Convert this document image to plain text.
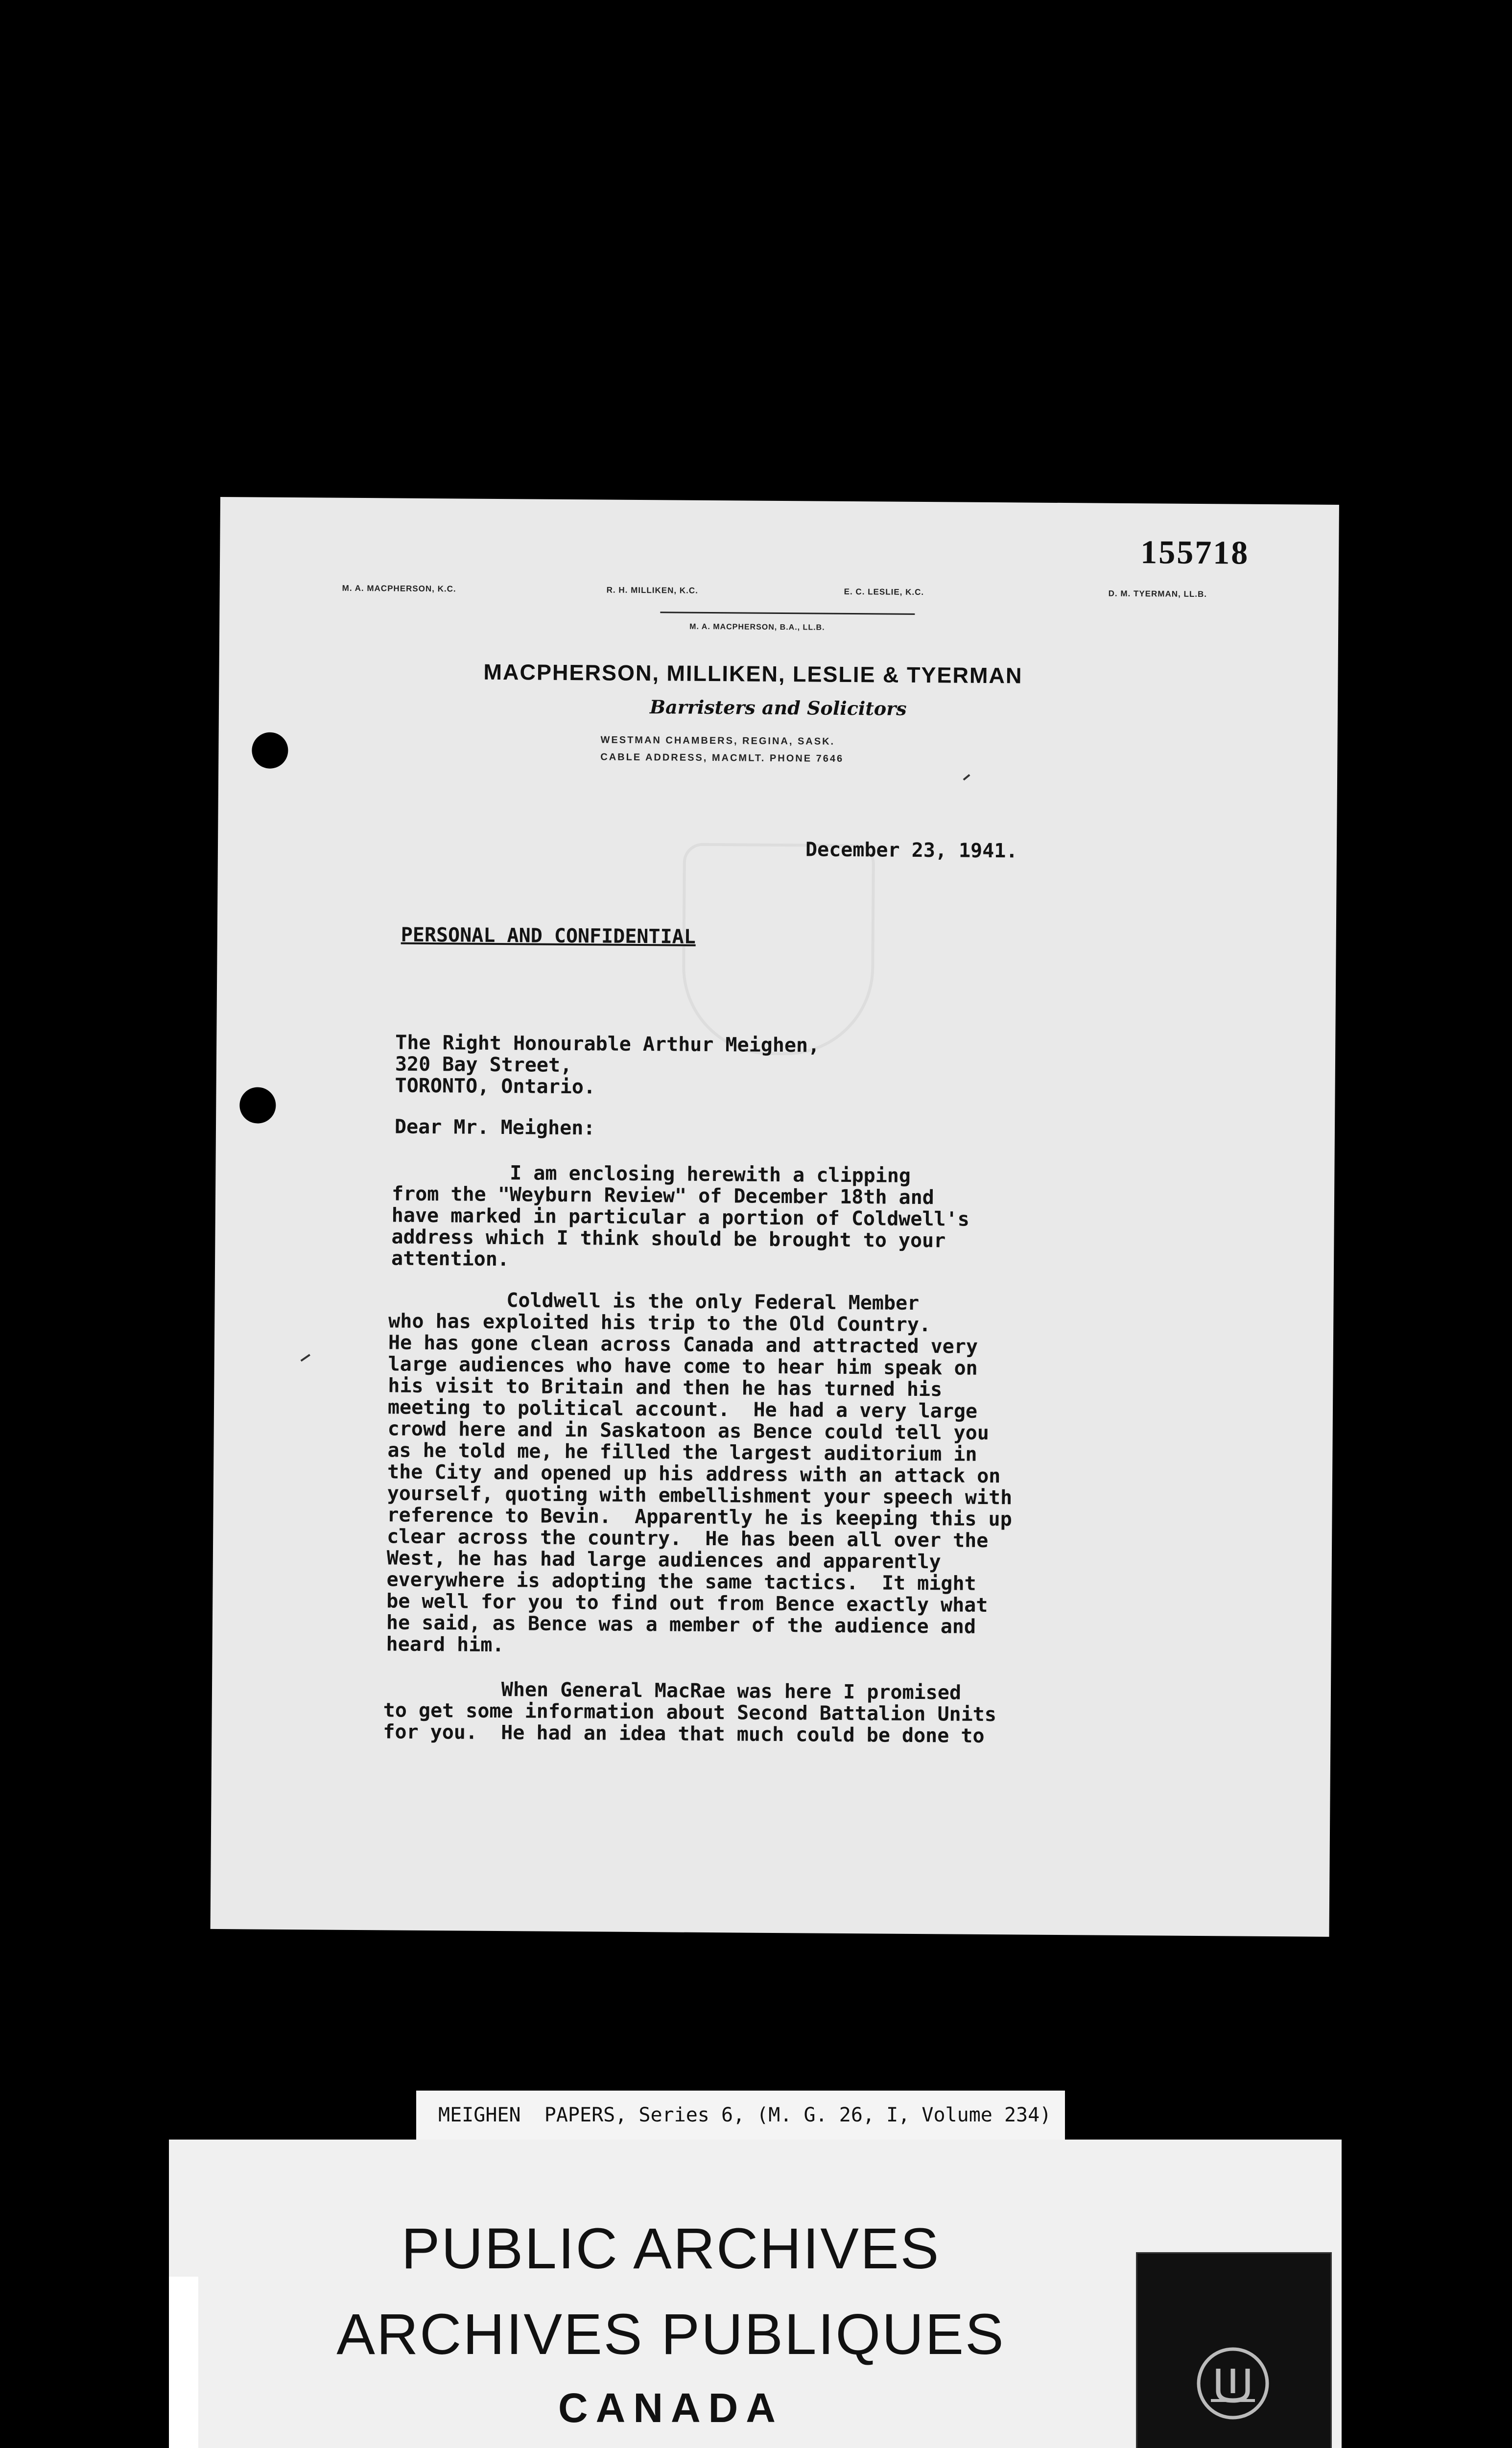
155718
M. A. MACPHERSON, K.C.	R. H. MILLIKEN, K.C.	E. C. LESLIE, K.C.	D. M. TYERMAN, LL.B.
M. A. MACPHERSON, B.A., LL.B.
MACPHERSON, MILLIKEN, LESLIE & TYERMAN
Barristers and Solicitors
WESTMAN CHAMBERS, REGINA, SASK.
CABLE ADDRESS, MACMLT. PHONE 7646
December 23, 1941.
PERSONAL AND CONFIDENTIAL
The Right Honourable Arthur Meighen,
320 Bay Street,
TORONTO, Ontario.
Dear Mr. Meighen:
I am enclosing herewith a clipping
from the "Weyburn Review" of December 18th and
have marked in particular a portion of Coldwell's
address which I think should be brought to your
attention.
Coldwell is the only Federal Member
who has exploited his trip to the Old Country.
He has gone clean across Canada and attracted very
large audiences who have come to hear him speak on
his visit to Britain and then he has turned his
meeting to political account.  He had a very large
crowd here and in Saskatoon as Bence could tell you
as he told me, he filled the largest auditorium in
the City and opened up his address with an attack on
yourself, quoting with embellishment your speech with
reference to Bevin.  Apparently he is keeping this up
clear across the country.  He has been all over the
West, he has had large audiences and apparently
everywhere is adopting the same tactics.  It might
be well for you to find out from Bence exactly what
he said, as Bence was a member of the audience and
heard him.
When General MacRae was here I promised
to get some information about Second Battalion Units
for you.  He had an idea that much could be done to
MEIGHEN  PAPERS, Series 6, (M. G. 26, I, Volume 234)
PUBLIC ARCHIVES
ARCHIVES PUBLIQUES
CANADA
